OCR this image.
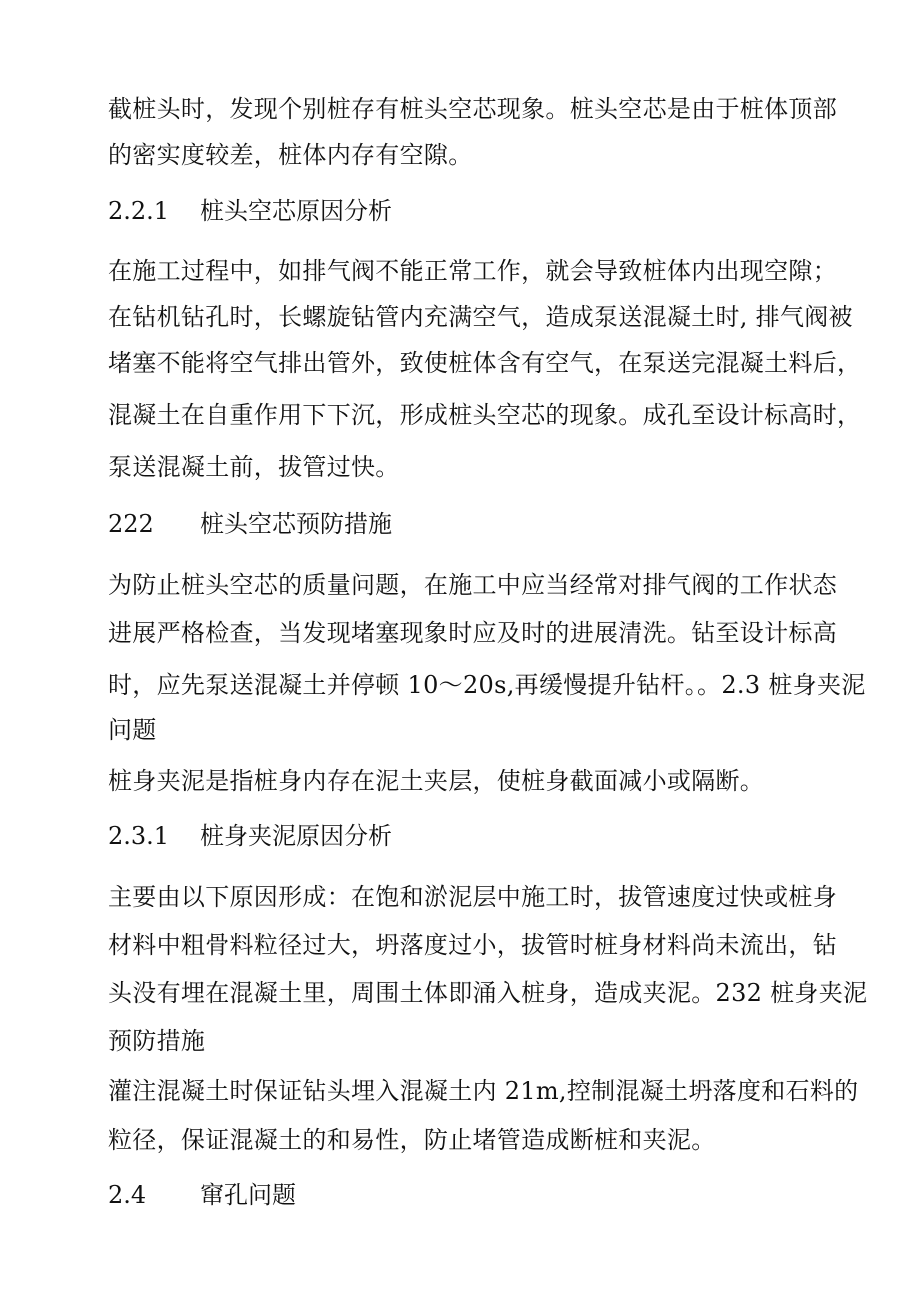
截桩头时，发现个别桩存有桩头空芯现象。桩头空芯是由于桩体顶部
的密实度较差，桩体内存有空隙。
2.2.1 桩头空芯原因分析
在施工过程中，如排气阀不能正常工作，就会导致桩体内出现空隙；
在钻机钻孔时，长螺旋钻管内充满空气，造成泵送混凝土时, 排气阀被
堵塞不能将空气排出管外，致使桩体含有空气，在泵送完混凝土料后，
混凝土在自重作用下下沉，形成桩头空芯的现象。成孔至设计标高时，
泵送混凝土前，拔管过快。
222 桩头空芯预防措施
为防止桩头空芯的质量问题，在施工中应当经常对排气阀的工作状态
进展严格检查，当发现堵塞现象时应及时的进展清洗。钻至设计标高
时，应先泵送混凝土并停顿 10～20s,再缓慢提升钻杆。。2.3 桩身夹泥
问题
桩身夹泥是指桩身内存在泥土夹层，使桩身截面减小或隔断。
2.3.1 桩身夹泥原因分析
主要由以下原因形成：在饱和淤泥层中施工时，拔管速度过快或桩身
材料中粗骨料粒径过大，坍落度过小，拔管时桩身材料尚未流出，钻
头没有埋在混凝土里，周围土体即涌入桩身，造成夹泥。232 桩身夹泥
预防措施
灌注混凝土时保证钻头埋入混凝土内 21m,控制混凝土坍落度和石料的
粒径，保证混凝土的和易性，防止堵管造成断桩和夹泥。
2.4 窜孔问题
